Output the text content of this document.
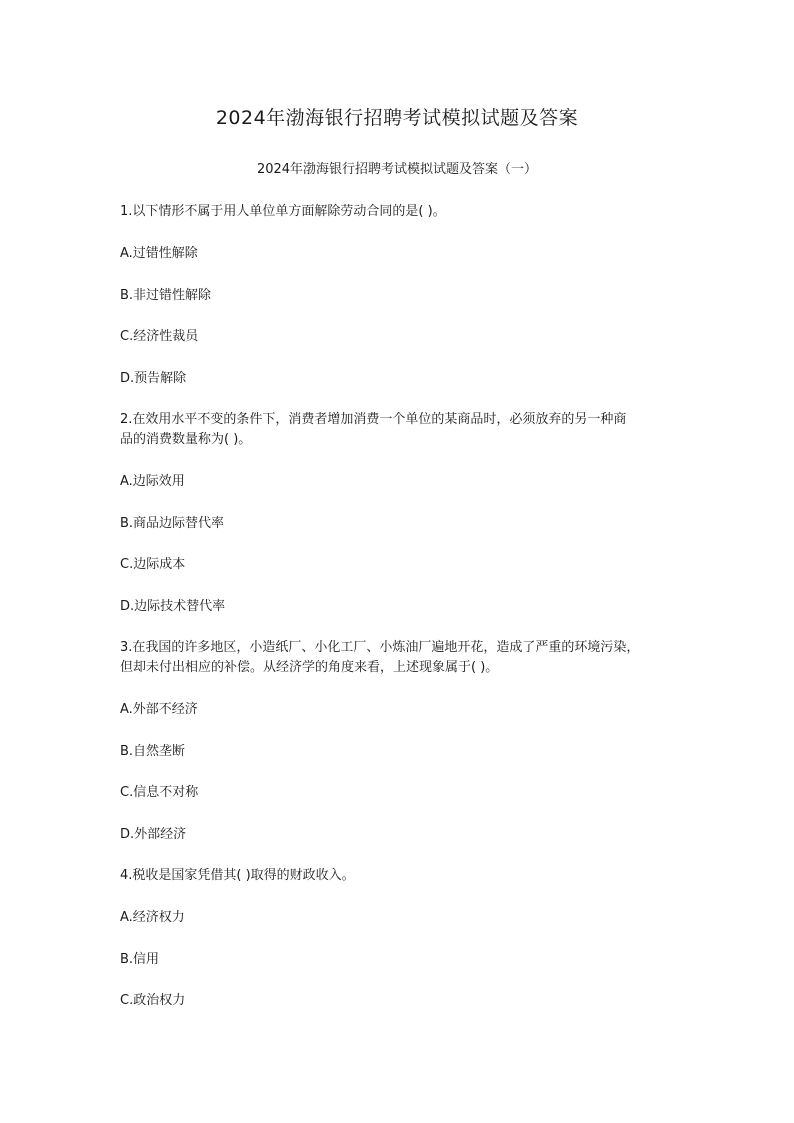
2024年渤海银行招聘考试模拟试题及答案

2024年渤海银行招聘考试模拟试题及答案（一）

1.以下情形不属于用人单位单方面解除劳动合同的是( )。

A.过错性解除

B.非过错性解除

C.经济性裁员

D.预告解除

2.在效用水平不变的条件下，消费者增加消费一个单位的某商品时，必须放弃的另一种商

品的消费数量称为( )。

A.边际效用

B.商品边际替代率

C.边际成本

D.边际技术替代率

3.在我国的许多地区，小造纸厂、小化工厂、小炼油厂遍地开花，造成了严重的环境污染，

但却未付出相应的补偿。从经济学的角度来看，上述现象属于( )。

A.外部不经济

B.自然垄断

C.信息不对称

D.外部经济

4.税收是国家凭借其( )取得的财政收入。

A.经济权力

B.信用

C.政治权力
